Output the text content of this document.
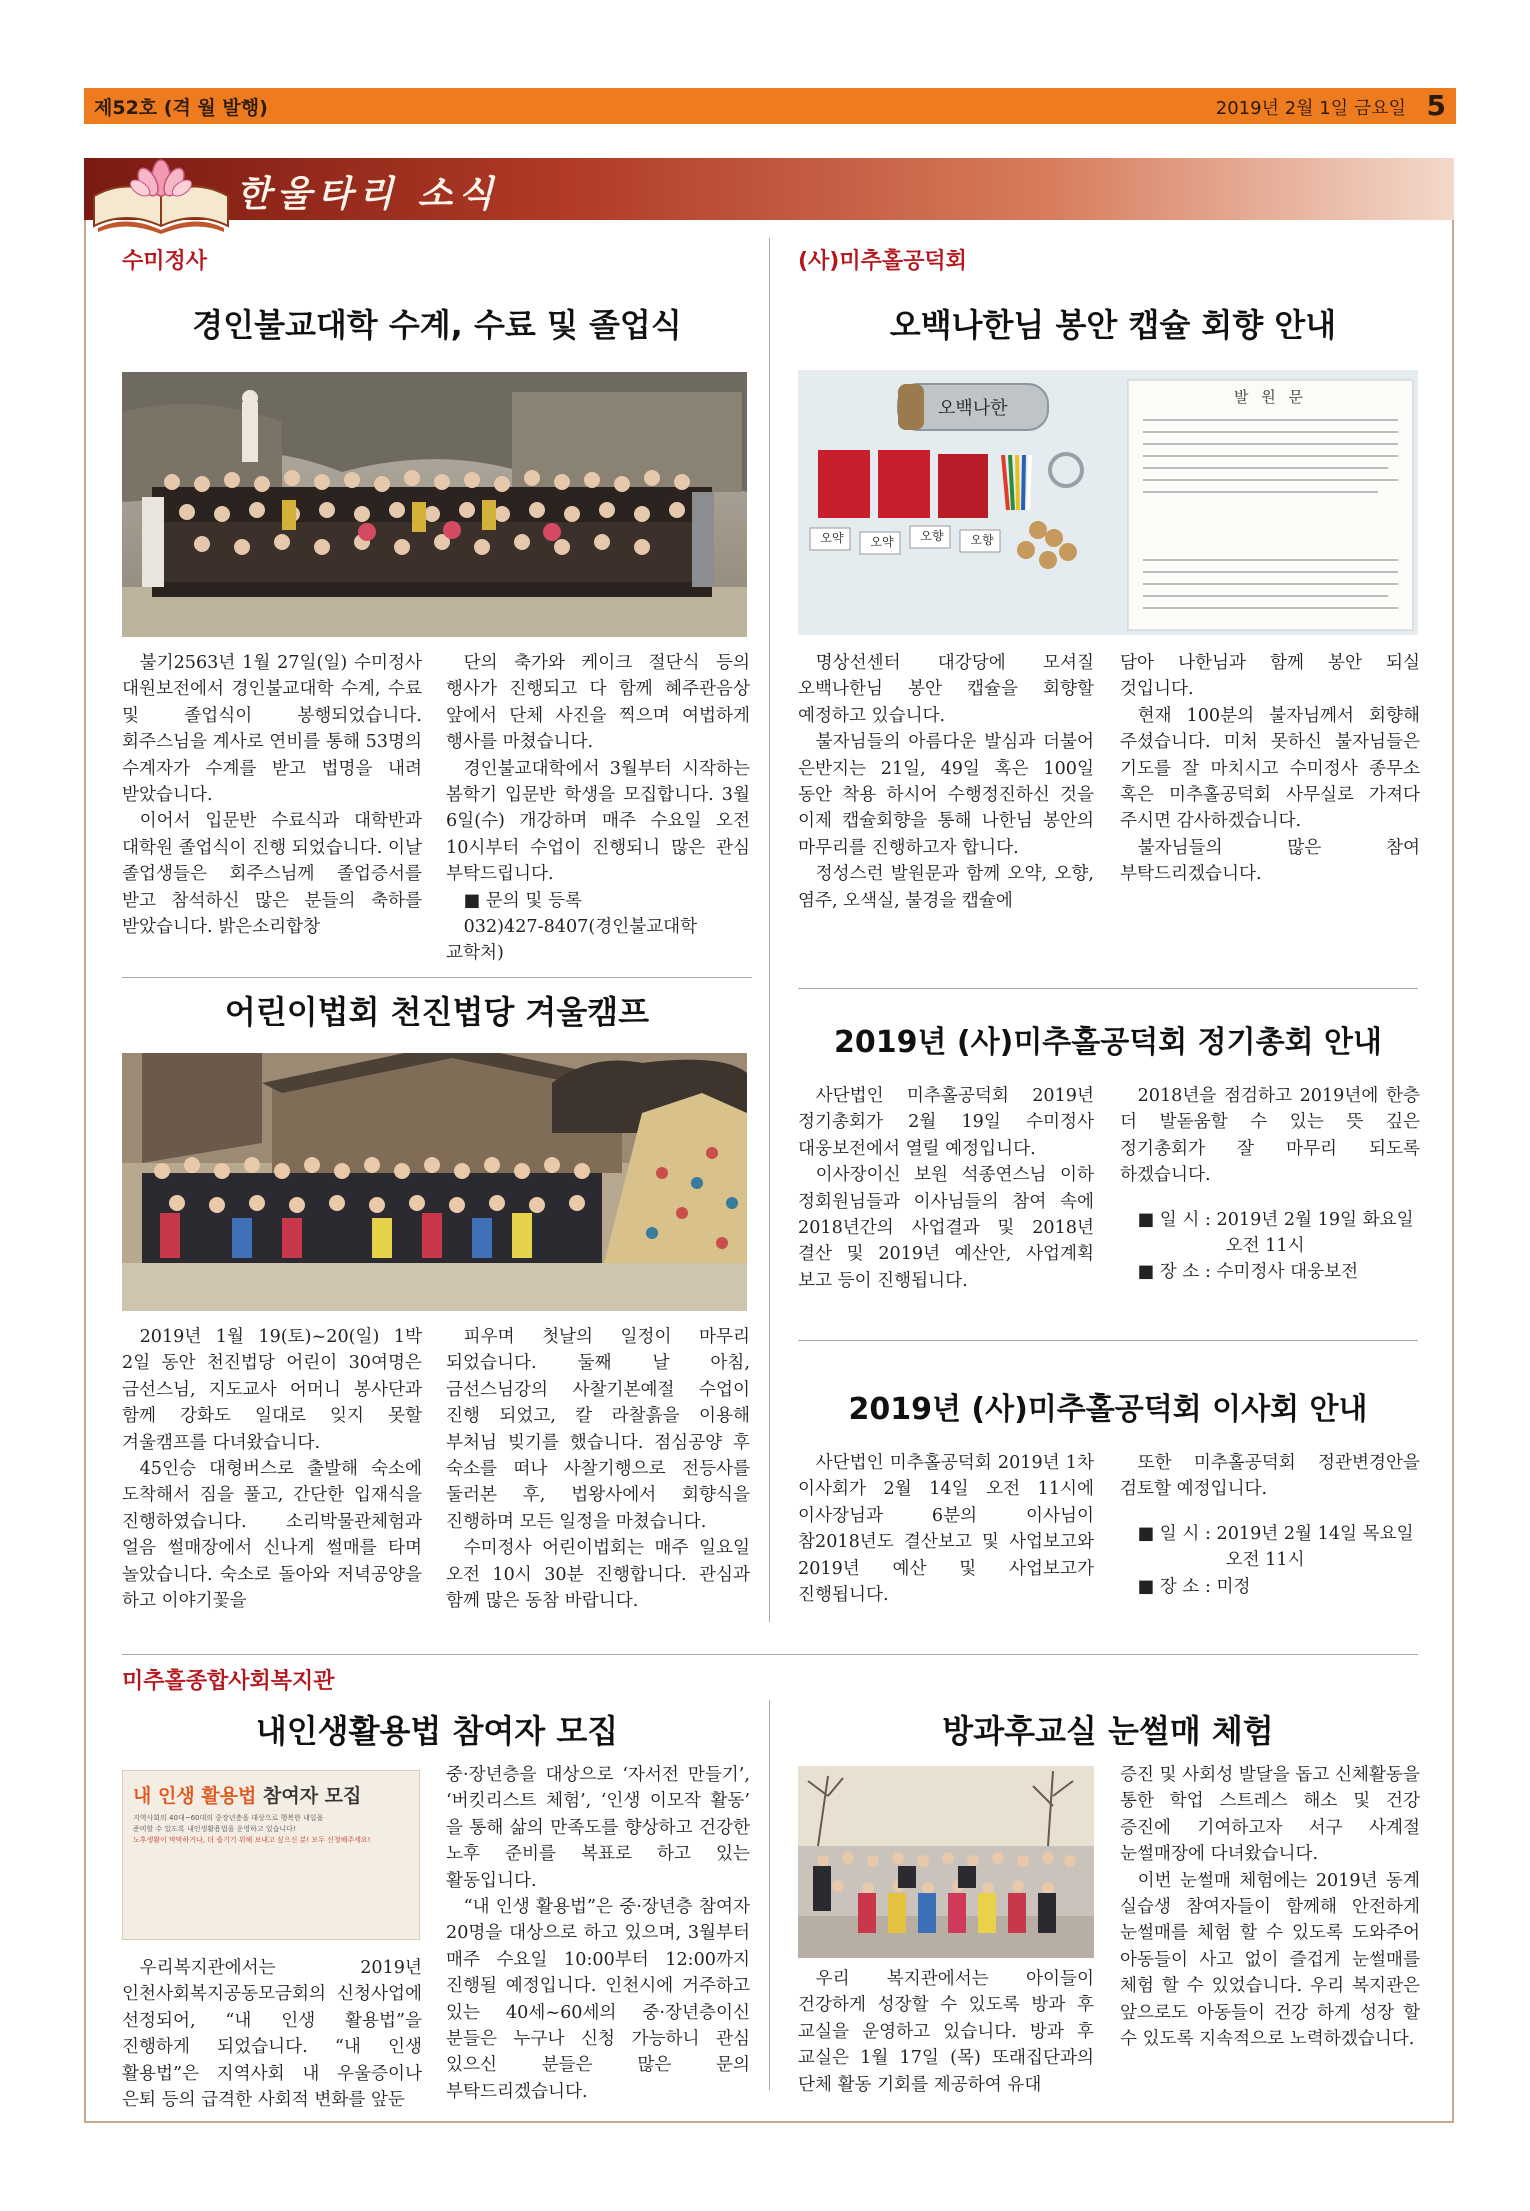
제52호 (격 월 발행)	2019년 2월 1일 금요일 5
한울타리 소식
수미정사
경인불교대학 수계, 수료 및 졸업식

불기2563년 1월 27일(일) 수미정사 대원보전에서 경인불교대학 수계, 수료 및 졸업식이 봉행되었습니다. 회주스님을 계사로 연비를 통해 53명의 수계자가 수계를 받고 법명을 내려 받았습니다.

이어서 입문반 수료식과 대학반과 대학원 졸업식이 진행 되었습니다. 이날 졸업생들은 회주스님께 졸업증서를 받고 참석하신 많은 분들의 축하를 받았습니다. 밝은소리합창

단의 축가와 케이크 절단식 등의 행사가 진행되고 다 함께 혜주관음상 앞에서 단체 사진을 찍으며 여법하게 행사를 마쳤습니다.

경인불교대학에서 3월부터 시작하는 봄학기 입문반 학생을 모집합니다. 3월 6일(수) 개강하며 매주 수요일 오전 10시부터 수업이 진행되니 많은 관심 부탁드립니다.

■ 문의 및 등록

032)427-8407(경인불교대학 교학처)

어린이법회 천진법당 겨울캠프

2019년 1월 19(토)~20(일) 1박 2일 동안 천진법당 어린이 30여명은 금선스님, 지도교사 어머니 봉사단과 함께 강화도 일대로 잊지 못할 겨울캠프를 다녀왔습니다.

45인승 대형버스로 출발해 숙소에 도착해서 짐을 풀고, 간단한 입재식을 진행하였습니다. 소리박물관체험과 얼음 썰매장에서 신나게 썰매를 타며 놀았습니다. 숙소로 돌아와 저녁공양을 하고 이야기꽃을

피우며 첫날의 일정이 마무리 되었습니다. 둘째 날 아침, 금선스님강의 사찰기본예절 수업이 진행 되었고, 칼 라찰흙을 이용해 부처님 빚기를 했습니다. 점심공양 후 숙소를 떠나 사찰기행으로 전등사를 둘러본 후, 법왕사에서 회향식을 진행하며 모든 일정을 마쳤습니다.

수미정사 어린이법회는 매주 일요일 오전 10시 30분 진행합니다. 관심과 함께 많은 동참 바랍니다.

(사)미추홀공덕회
오백나한님 봉안 캡슐 회향 안내
오백나한
오약	오약	오향	오향
발 원 문

명상선센터 대강당에 모셔질 오백나한님 봉안 캡슐을 회향할 예정하고 있습니다.

불자님들의 아름다운 발심과 더불어 은반지는 21일, 49일 혹은 100일 동안 착용 하시어 수행정진하신 것을 이제 캡슐회향을 통해 나한님 봉안의 마무리를 진행하고자 합니다.

정성스런 발원문과 함께 오약, 오향, 염주, 오색실, 불경을 캡슐에

담아 나한님과 함께 봉안 되실 것입니다.

현재 100분의 불자님께서 회향해 주셨습니다. 미처 못하신 불자님들은 기도를 잘 마치시고 수미정사 종무소 혹은 미추홀공덕회 사무실로 가져다 주시면 감사하겠습니다.

불자님들의 많은 참여 부탁드리겠습니다.

2019년 (사)미추홀공덕회 정기총회 안내

사단법인 미추홀공덕회 2019년 정기총회가 2월 19일 수미정사 대웅보전에서 열릴 예정입니다.

이사장이신 보원 석종연스님 이하 정회원님들과 이사님들의 참여 속에 2018년간의 사업결과 및 2018년 결산 및 2019년 예산안, 사업계획 보고 등이 진행됩니다.

2018년을 점검하고 2019년에 한층 더 발돋움할 수 있는 뜻 깊은 정기총회가 잘 마무리 되도록 하겠습니다.

■ 일 시 : 2019년 2월 19일 화요일

오전 11시

■ 장 소 : 수미정사 대웅보전

2019년 (사)미추홀공덕회 이사회 안내

사단법인 미추홀공덕회 2019년 1차 이사회가 2월 14일 오전 11시에 이사장님과 6분의 이사님이 참2018년도 결산보고 및 사업보고와 2019년 예산 및 사업보고가 진행됩니다.

또한 미추홀공덕회 정관변경안을 검토할 예정입니다.

■ 일 시 : 2019년 2월 14일 목요일

오전 11시

■ 장 소 : 미정

미추홀종합사회복지관
내인생활용법 참여자 모집
내 인생 활용법 참여자 모집
지역사회의 40대~60대의 중장년층을 대상으로 행복한 내일을
준비할 수 있도록 내인생활용법을 운영하고 있습니다!
노후생활이 막막하거나, 더 즐기기 위해 보내고 싶으신 분! 모두 신청해주세요!

우리복지관에서는 2019년 인천사회복지공동모금회의 신청사업에 선정되어, “내 인생 활용법”을 진행하게 되었습니다. “내 인생 활용법”은 지역사회 내 우울증이나 은퇴 등의 급격한 사회적 변화를 앞둔

중·장년층을 대상으로 ‘자서전 만들기’, ‘버킷리스트 체험’, ‘인생 이모작 활동’ 을 통해 삶의 만족도를 향상하고 건강한 노후 준비를 복표로 하고 있는 활동입니다.

“내 인생 활용법”은 중·장년층 참여자 20명을 대상으로 하고 있으며, 3월부터 매주 수요일 10:00부터 12:00까지 진행될 예정입니다. 인천시에 거주하고 있는 40세~60세의 중·장년층이신 분들은 누구나 신청 가능하니 관심 있으신 분들은 많은 문의 부탁드리겠습니다.

방과후교실 눈썰매 체험

우리 복지관에서는 아이들이 건강하게 성장할 수 있도록 방과 후 교실을 운영하고 있습니다. 방과 후 교실은 1월 17일 (목) 또래집단과의 단체 활동 기회를 제공하여 유대

증진 및 사회성 발달을 돕고 신체활동을 통한 학업 스트레스 해소 및 건강 증진에 기여하고자 서구 사계절 눈썰매장에 다녀왔습니다.

이번 눈썰매 체험에는 2019년 동계 실습생 참여자들이 함께해 안전하게 눈썰매를 체험 할 수 있도록 도와주어 아동들이 사고 없이 즐겁게 눈썰매를 체험 할 수 있었습니다. 우리 복지관은 앞으로도 아동들이 건강 하게 성장 할 수 있도록 지속적으로 노력하겠습니다.
